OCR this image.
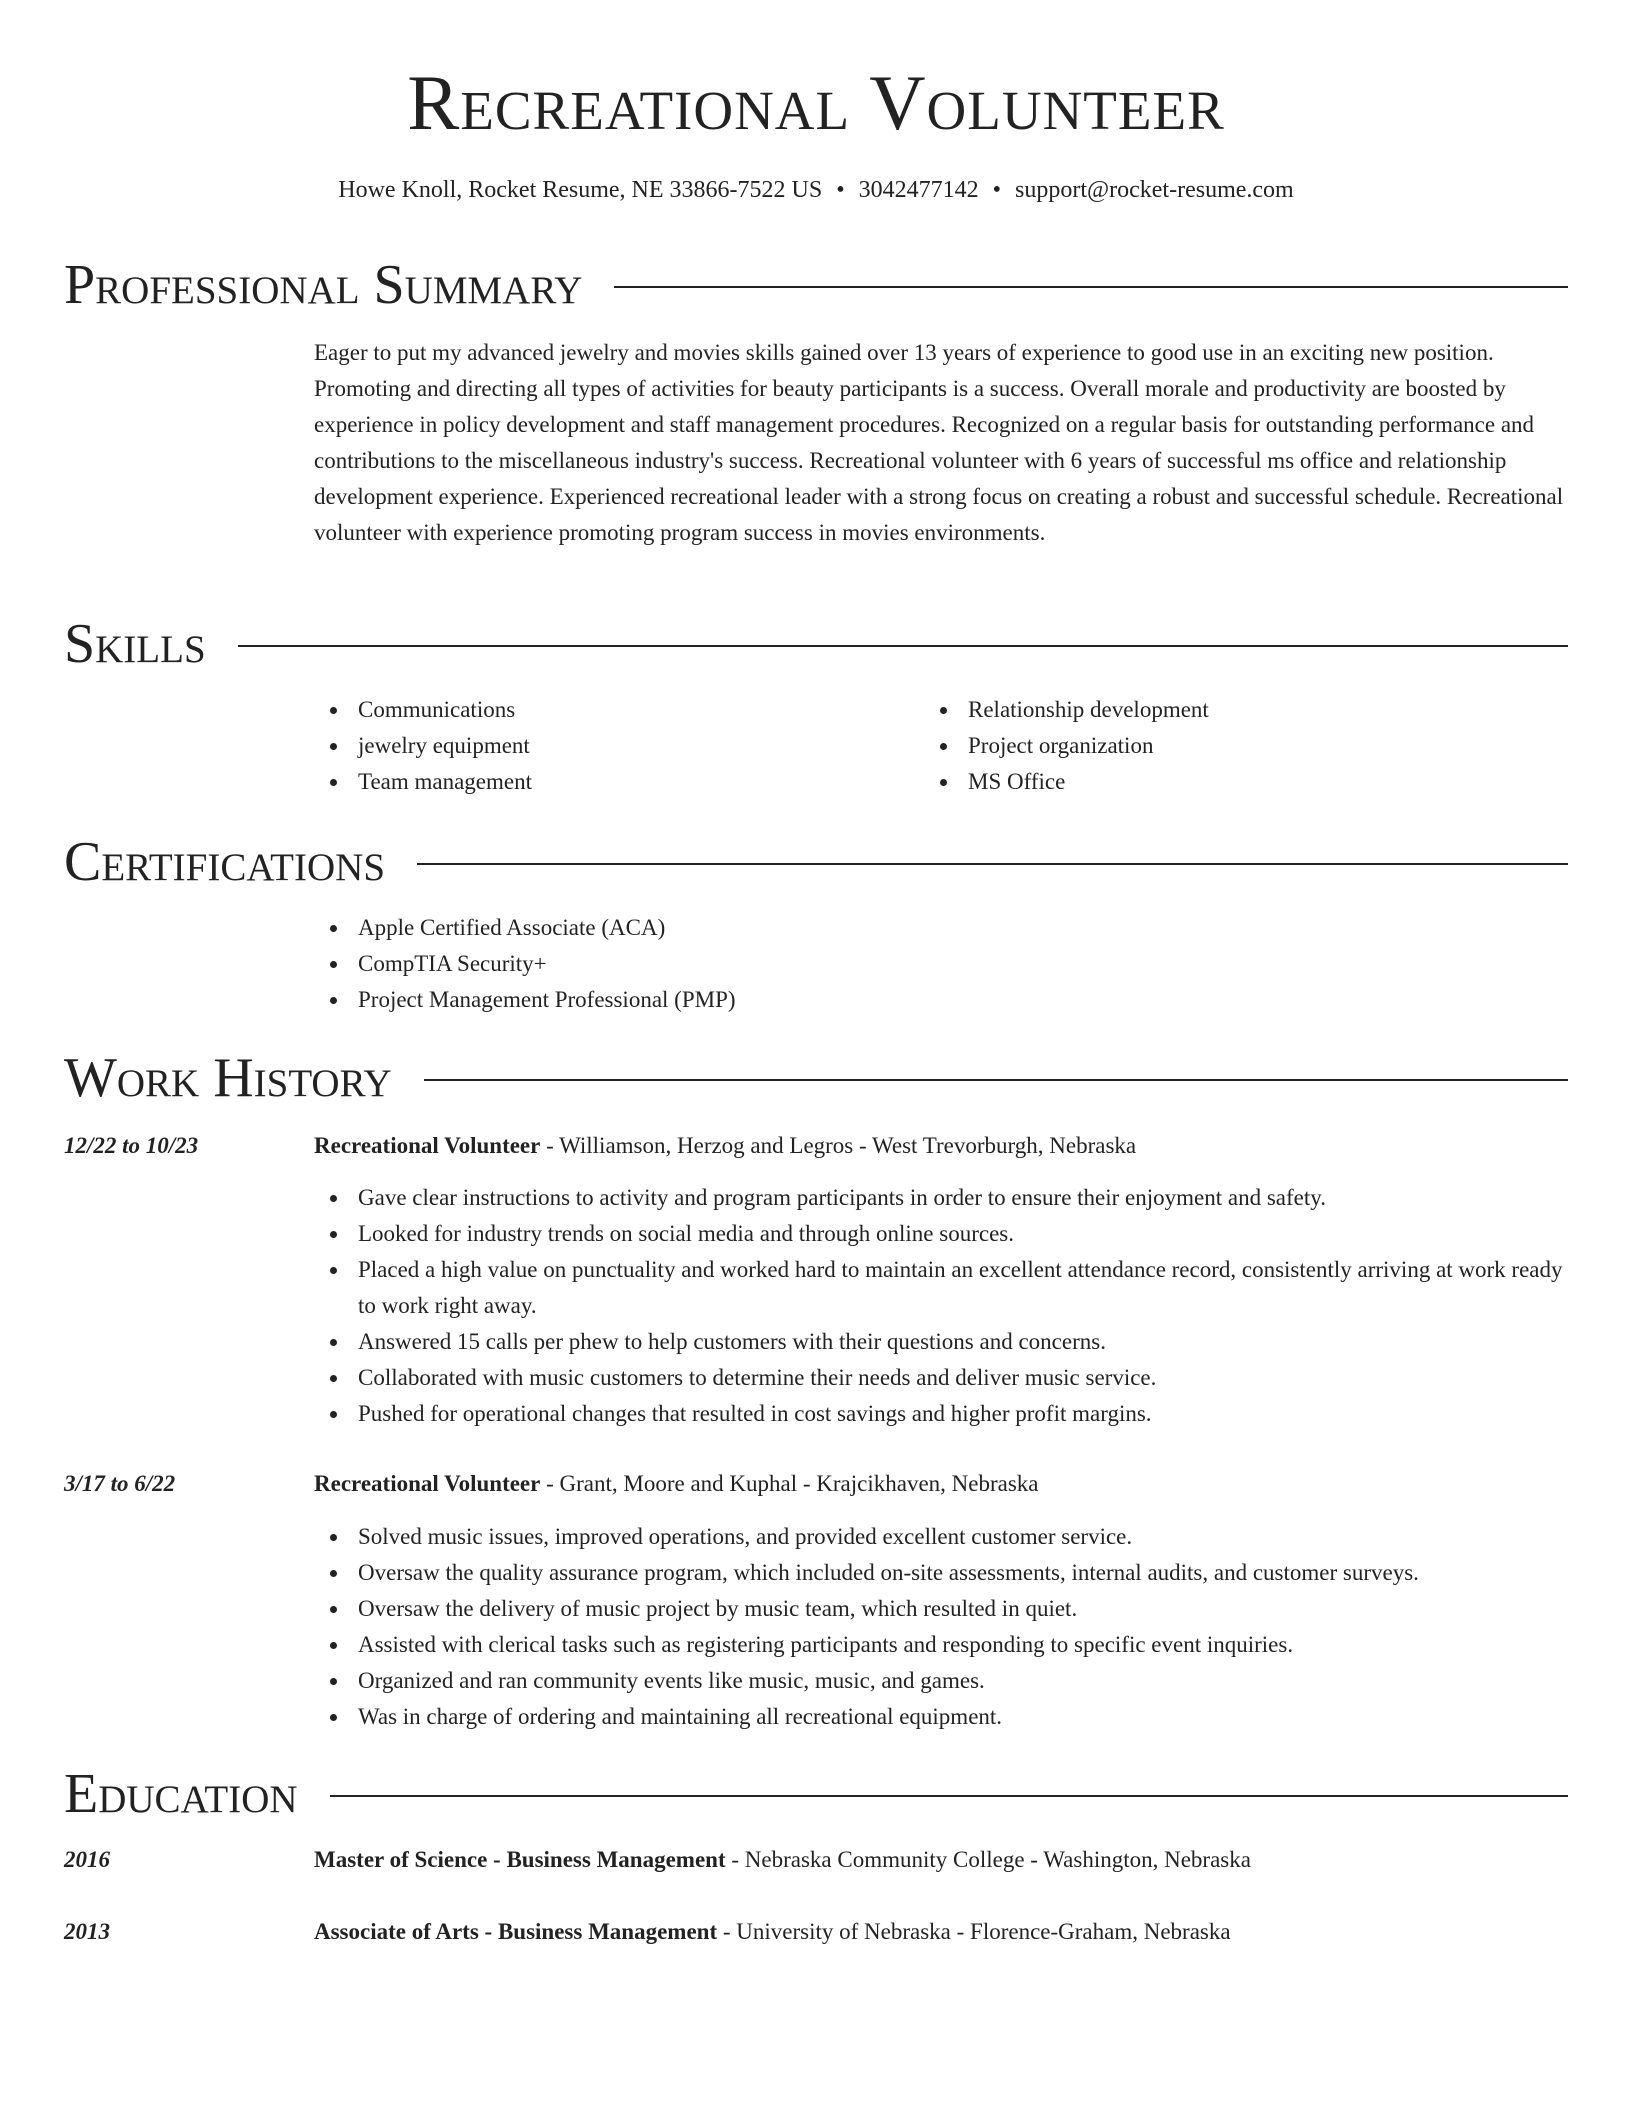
Recreational Volunteer
Howe Knoll, Rocket Resume, NE 33866-7522 US • 3042477142 • support@rocket-resume.com
Professional Summary

Eager to put my advanced jewelry and movies skills gained over 13 years of experience to good use in an exciting new position. Promoting and directing all types of activities for beauty participants is a success. Overall morale and productivity are boosted by experience in policy development and staff management procedures. Recognized on a regular basis for outstanding performance and contributions to the miscellaneous industry's success. Recreational volunteer with 6 years of successful ms office and relationship development experience. Experienced recreational leader with a strong focus on creating a robust and successful schedule. Recreational volunteer with experience promoting program success in movies environments.

Skills
Communications
jewelry equipment
Team management
Relationship development
Project organization
MS Office
Certifications
Apple Certified Associate (ACA)
CompTIA Security+
Project Management Professional (PMP)
Work History
12/22 to 10/23	Recreational Volunteer - Williamson, Herzog and Legros - West Trevorburgh, Nebraska
Gave clear instructions to activity and program participants in order to ensure their enjoyment and safety.
Looked for industry trends on social media and through online sources.
Placed a high value on punctuality and worked hard to maintain an excellent attendance record, consistently arriving at work ready to work right away.
Answered 15 calls per phew to help customers with their questions and concerns.
Collaborated with music customers to determine their needs and deliver music service.
Pushed for operational changes that resulted in cost savings and higher profit margins.
3/17 to 6/22	Recreational Volunteer - Grant, Moore and Kuphal - Krajcikhaven, Nebraska
Solved music issues, improved operations, and provided excellent customer service.
Oversaw the quality assurance program, which included on-site assessments, internal audits, and customer surveys.
Oversaw the delivery of music project by music team, which resulted in quiet.
Assisted with clerical tasks such as registering participants and responding to specific event inquiries.
Organized and ran community events like music, music, and games.
Was in charge of ordering and maintaining all recreational equipment.
Education
2016	Master of Science - Business Management - Nebraska Community College - Washington, Nebraska
2013	Associate of Arts - Business Management - University of Nebraska - Florence-Graham, Nebraska
